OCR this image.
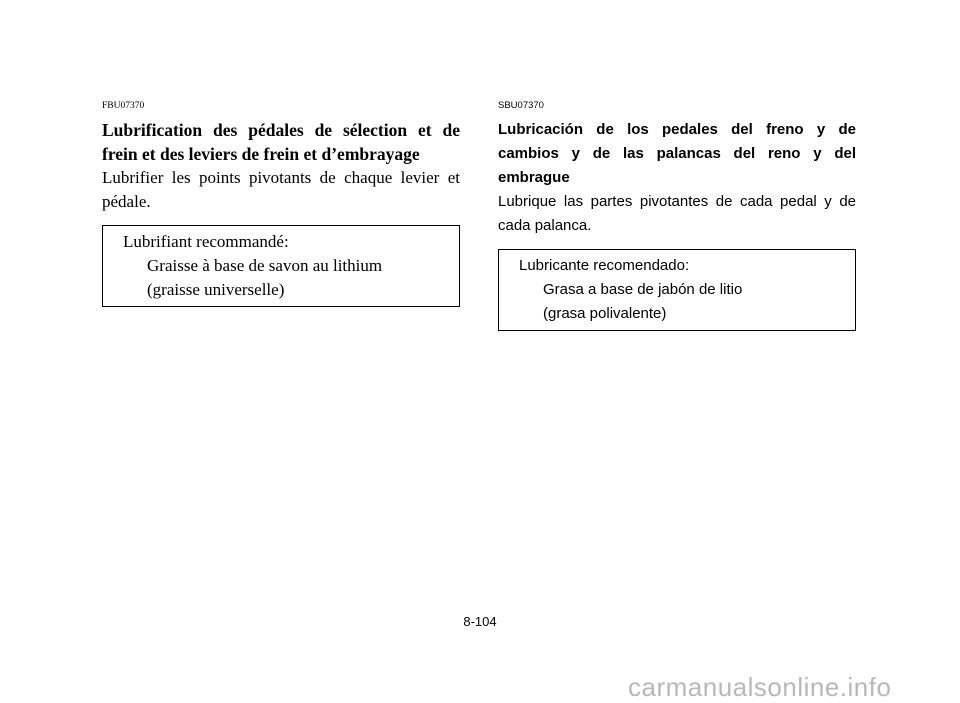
FBU07370
Lubrification des pédales de sélection et de frein et des leviers de frein et d’embrayage
Lubrifier les points pivotants de chaque levier et pédale.
Lubrifiant recommandé:
Graisse à base de savon au lithium
(graisse universelle)
SBU07370
Lubricación de los pedales del freno y de cambios y de las palancas del reno y del embrague
Lubrique las partes pivotantes de cada pedal y de cada palanca.
Lubricante recomendado:
Grasa a base de jabón de litio
(grasa polivalente)
8-104
carmanualsonline.info
